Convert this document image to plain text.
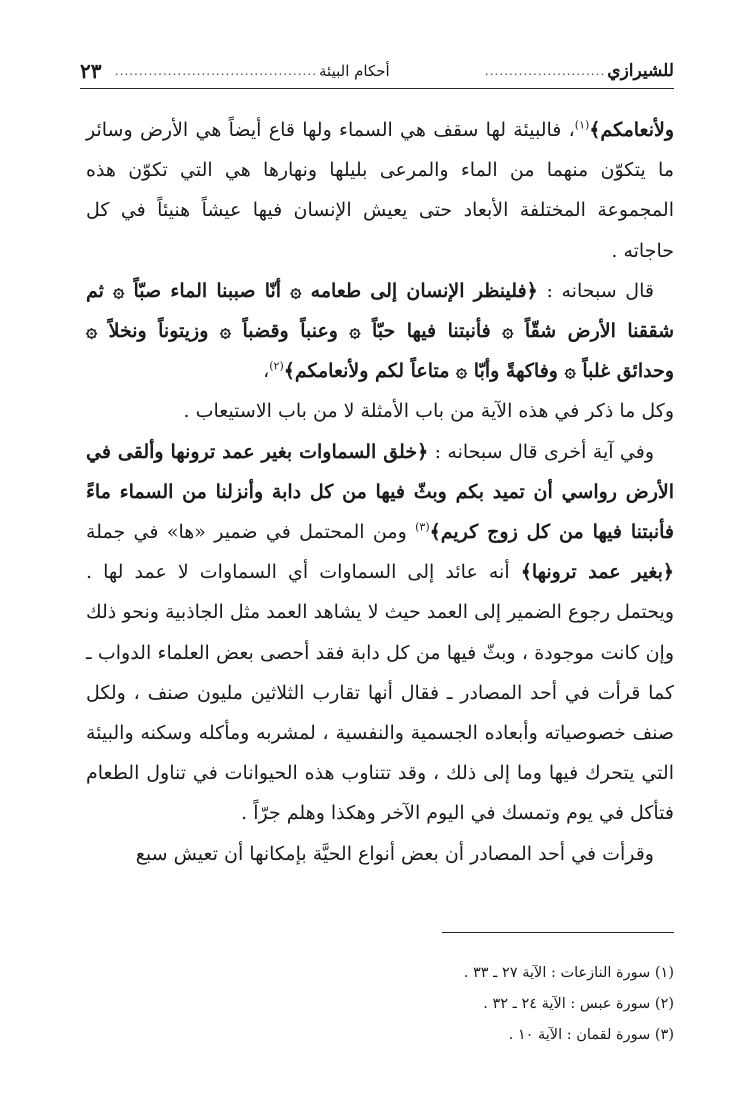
للشيرازي
.........................
أحكام البيئة
..........................................
٢٣

ولأنعامكم﴾$^{(١)}$، فالبيئة لها سقف هي السماء ولها قاع أيضاً هي الأرض وسائر ما يتكوّن منهما من الماء والمرعى بليلها ونهارها هي التي تكوّن هذه المجموعة المختلفة الأبعاد حتى يعيش الإنسان فيها عيشاً هنيئاً في كل حاجاته .

قال سبحانه : ﴿فلينظر الإنسان إلى طعامه ۞ أنّا صببنا الماء صبّاً ۞ ثم شققنا الأرض شقّاً ۞ فأنبتنا فيها حبّاً ۞ وعنباً وقضباً ۞ وزيتوناً ونخلاً ۞ وحدائق غلباً ۞ وفاكهةً وأبّا ۞ متاعاً لكم ولأنعامكم﴾$^{(٢)}$،

وكل ما ذكر في هذه الآية من باب الأمثلة لا من باب الاستيعاب .

وفي آية أخرى قال سبحانه : ﴿خلق السماوات بغير عمد ترونها وألقى في الأرض رواسي أن تميد بكم وبثّ فيها من كل دابة وأنزلنا من السماء ماءً فأنبتنا فيها من كل زوج كريم﴾$^{(٣)}$ ومن المحتمل في ضمير «ها» في جملة ﴿بغير عمد ترونها﴾ أنه عائد إلى السماوات أي السماوات لا عمد لها . ويحتمل رجوع الضمير إلى العمد حيث لا يشاهد العمد مثل الجاذبية ونحو ذلك وإن كانت موجودة ، وبثّ فيها من كل دابة فقد أحصى بعض العلماء الدواب ـ كما قرأت في أحد المصادر ـ فقال أنها تقارب الثلاثين مليون صنف ، ولكل صنف خصوصياته وأبعاده الجسمية والنفسية ، لمشربه ومأكله وسكنه والبيئة التي يتحرك فيها وما إلى ذلك ، وقد تتناوب هذه الحيوانات في تناول الطعام فتأكل في يوم وتمسك في اليوم الآخر وهكذا وهلم جرّاً .

وقرأت في أحد المصادر أن بعض أنواع الحيَّة بإمكانها أن تعيش سبع

(١) سورة النازعات : الآية ٢٧ ـ ٣٣ .
(٢) سورة عبس : الآية ٢٤ ـ ٣٢ .
(٣) سورة لقمان : الآية ١٠ .
